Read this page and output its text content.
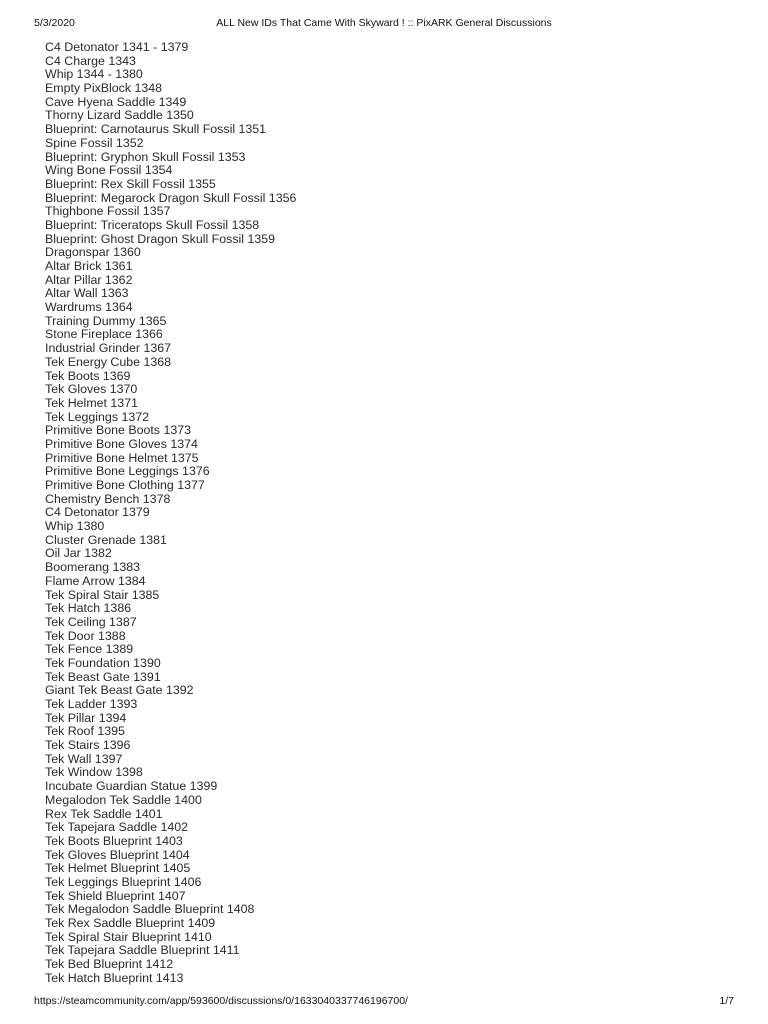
5/3/2020	ALL New IDs That Came With Skyward ! :: PixARK General Discussions
C4 Detonator 1341 - 1379
C4 Charge 1343
Whip 1344 - 1380
Empty PixBlock 1348
Cave Hyena Saddle 1349
Thorny Lizard Saddle 1350
Blueprint: Carnotaurus Skull Fossil 1351
Spine Fossil 1352
Blueprint: Gryphon Skull Fossil 1353
Wing Bone Fossil 1354
Blueprint: Rex Skill Fossil 1355
Blueprint: Megarock Dragon Skull Fossil 1356
Thighbone Fossil 1357
Blueprint: Triceratops Skull Fossil 1358
Blueprint: Ghost Dragon Skull Fossil 1359
Dragonspar 1360
Altar Brick 1361
Altar Pillar 1362
Altar Wall 1363
Wardrums 1364
Training Dummy 1365
Stone Fireplace 1366
Industrial Grinder 1367
Tek Energy Cube 1368
Tek Boots 1369
Tek Gloves 1370
Tek Helmet 1371
Tek Leggings 1372
Primitive Bone Boots 1373
Primitive Bone Gloves 1374
Primitive Bone Helmet 1375
Primitive Bone Leggings 1376
Primitive Bone Clothing 1377
Chemistry Bench 1378
C4 Detonator 1379
Whip 1380
Cluster Grenade 1381
Oil Jar 1382
Boomerang 1383
Flame Arrow 1384
Tek Spiral Stair 1385
Tek Hatch 1386
Tek Ceiling 1387
Tek Door 1388
Tek Fence 1389
Tek Foundation 1390
Tek Beast Gate 1391
Giant Tek Beast Gate 1392
Tek Ladder 1393
Tek Pillar 1394
Tek Roof 1395
Tek Stairs 1396
Tek Wall 1397
Tek Window 1398
Incubate Guardian Statue 1399
Megalodon Tek Saddle 1400
Rex Tek Saddle 1401
Tek Tapejara Saddle 1402
Tek Boots Blueprint 1403
Tek Gloves Blueprint 1404
Tek Helmet Blueprint 1405
Tek Leggings Blueprint 1406
Tek Shield Blueprint 1407
Tek Megalodon Saddle Blueprint 1408
Tek Rex Saddle Blueprint 1409
Tek Spiral Stair Blueprint 1410
Tek Tapejara Saddle Blueprint 1411
Tek Bed Blueprint 1412
Tek Hatch Blueprint 1413
https://steamcommunity.com/app/593600/discussions/0/1633040337746196700/	1/7
